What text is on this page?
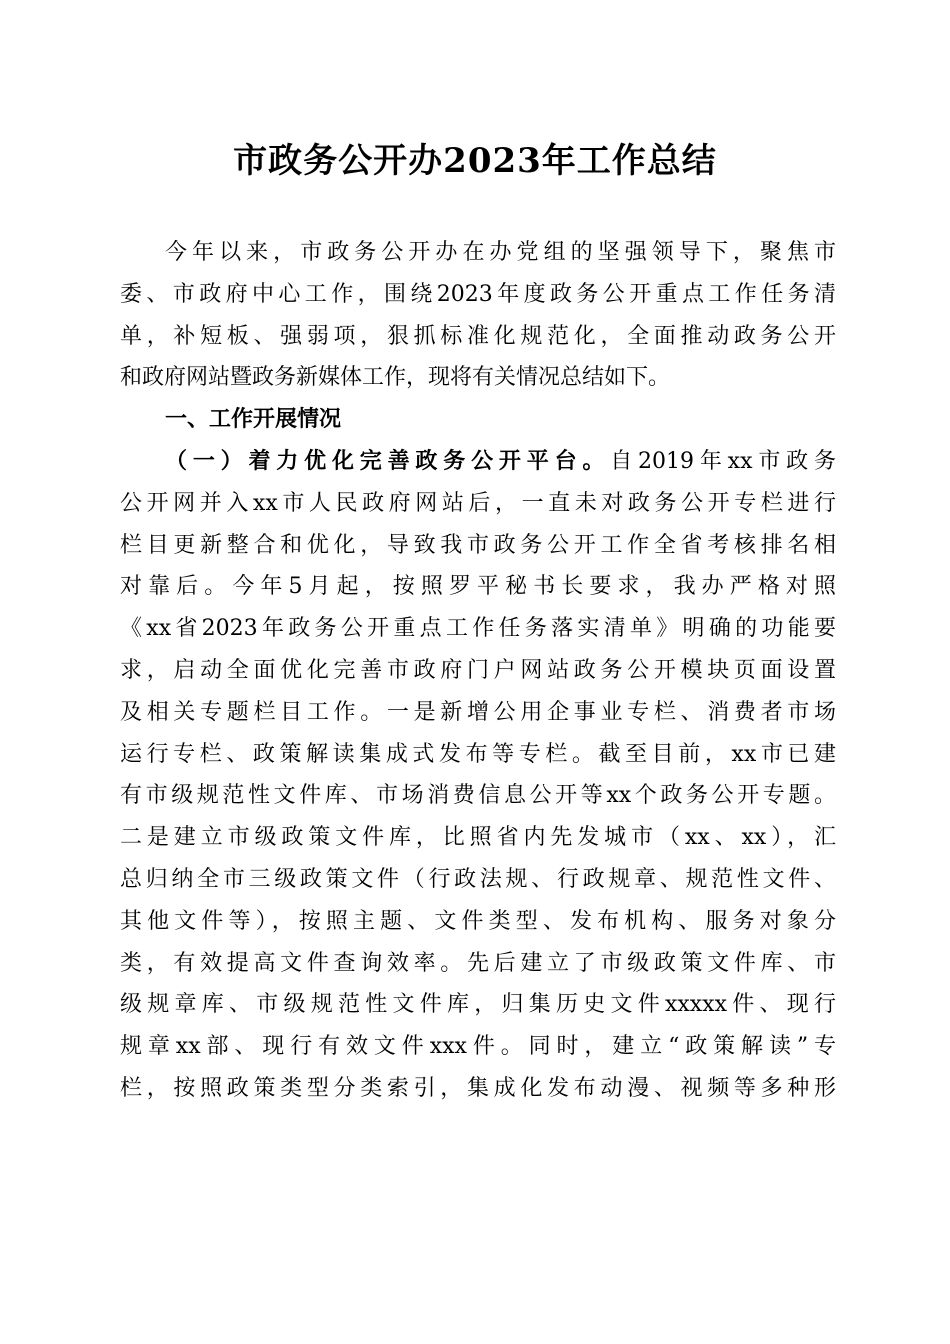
市政务公开办2023年工作总结
今年以来，市政务公开办在办党组的坚强领导下，聚焦市
委、市政府中心工作，围绕2023年度政务公开重点工作任务清
单，补短板、强弱项，狠抓标准化规范化，全面推动政务公开
和政府网站暨政务新媒体工作，现将有关情况总结如下。
一、工作开展情况
（一）着力优化完善政务公开平台。自2019年xx市政务
公开网并入xx市人民政府网站后，一直未对政务公开专栏进行
栏目更新整合和优化，导致我市政务公开工作全省考核排名相
对靠后。今年5月起，按照罗平秘书长要求，我办严格对照
《xx省2023年政务公开重点工作任务落实清单》明确的功能要
求，启动全面优化完善市政府门户网站政务公开模块页面设置
及相关专题栏目工作。一是新增公用企事业专栏、消费者市场
运行专栏、政策解读集成式发布等专栏。截至目前，xx市已建
有市级规范性文件库、市场消费信息公开等xx个政务公开专题。
二是建立市级政策文件库，比照省内先发城市（xx、xx），汇
总归纳全市三级政策文件（行政法规、行政规章、规范性文件、
其他文件等），按照主题、文件类型、发布机构、服务对象分
类，有效提高文件查询效率。先后建立了市级政策文件库、市
级规章库、市级规范性文件库，归集历史文件xxxxx件、现行
规章xx部、现行有效文件xxx件。同时，建立“政策解读”专
栏，按照政策类型分类索引，集成化发布动漫、视频等多种形
